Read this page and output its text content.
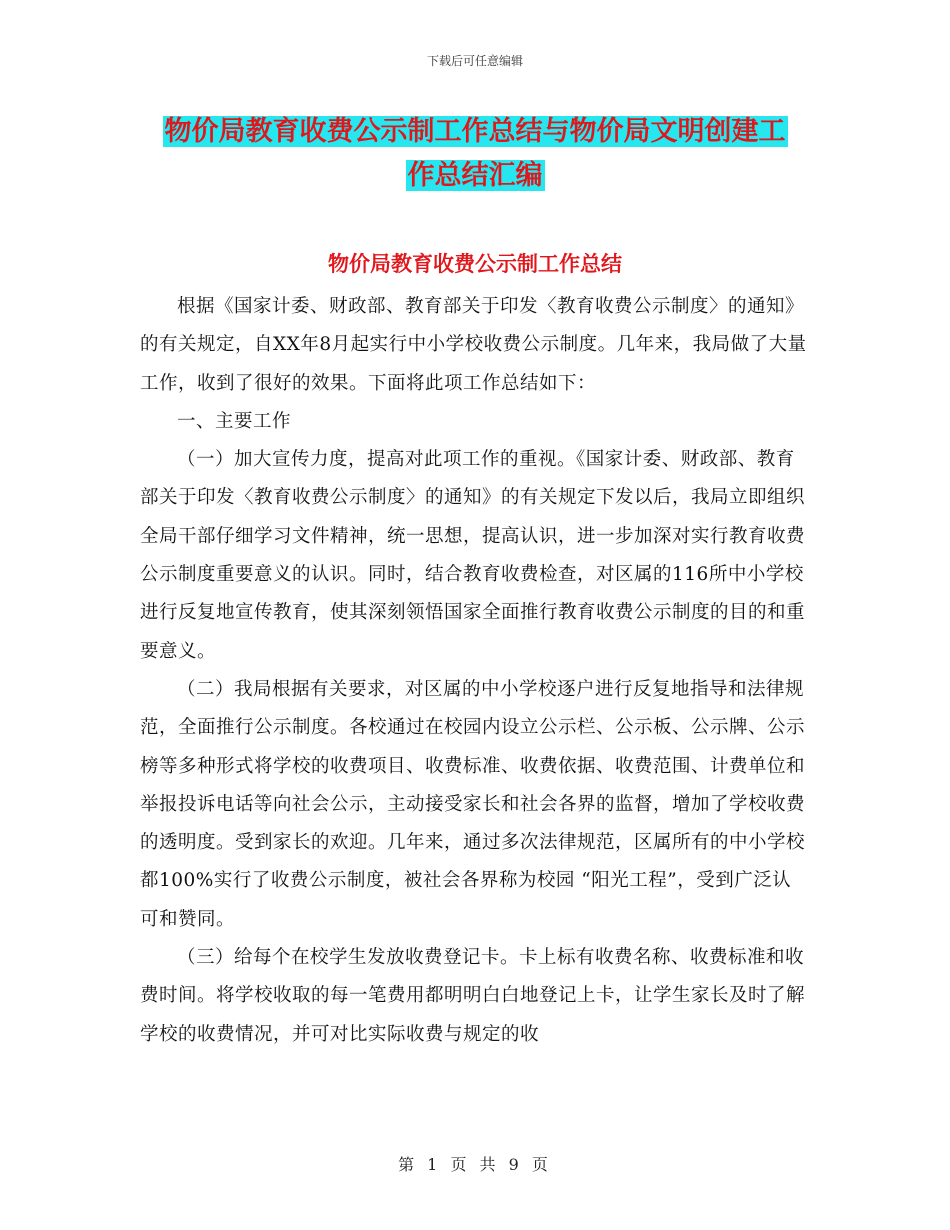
下载后可任意编辑
物价局教育收费公示制工作总结与物价局文明创建工
作总结汇编
物价局教育收费公示制工作总结

根据《国家计委、财政部、教育部关于印发〈教育收费公示制度〉的通知》的有关规定，自XX年8月起实行中小学校收费公示制度。几年来，我局做了大量工作，收到了很好的效果。下面将此项工作总结如下：

一、主要工作

（一）加大宣传力度，提高对此项工作的重视。《国家计委、财政部、教育部关于印发〈教育收费公示制度〉的通知》的有关规定下发以后，我局立即组织全局干部仔细学习文件精神，统一思想，提高认识，进一步加深对实行教育收费公示制度重要意义的认识。同时，结合教育收费检查，对区属的116所中小学校进行反复地宣传教育，使其深刻领悟国家全面推行教育收费公示制度的目的和重要意义。

（二）我局根据有关要求，对区属的中小学校逐户进行反复地指导和法律规范，全面推行公示制度。各校通过在校园内设立公示栏、公示板、公示牌、公示榜等多种形式将学校的收费项目、收费标准、收费依据、收费范围、计费单位和举报投诉电话等向社会公示，主动接受家长和社会各界的监督，增加了学校收费的透明度。受到家长的欢迎。几年来，通过多次法律规范，区属所有的中小学校都100%实行了收费公示制度，被社会各界称为校园 “阳光工程”，受到广泛认可和赞同。

（三）给每个在校学生发放收费登记卡。卡上标有收费名称、收费标准和收费时间。将学校收取的每一笔费用都明明白白地登记上卡，让学生家长及时了解学校的收费情况，并可对比实际收费与规定的收

第 1 页 共 9 页
